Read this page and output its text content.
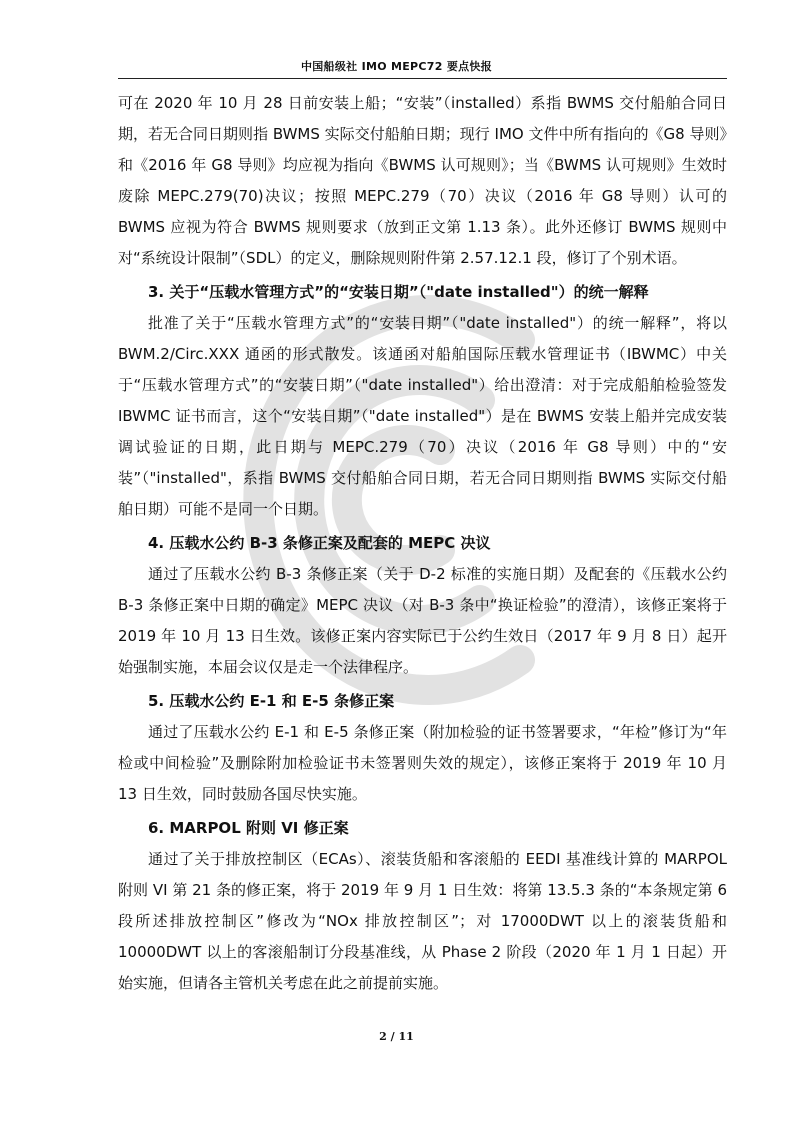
中国船级社 IMO MEPC72 要点快报

可在 2020 年 10 月 28 日前安装上船；“安装”（installed）系指 BWMS 交付船舶合同日期，若无合同日期则指 BWMS 实际交付船舶日期；现行 IMO 文件中所有指向的《G8 导则》和《2016 年 G8 导则》均应视为指向《BWMS 认可规则》；当《BWMS 认可规则》生效时废除 MEPC.279(70)决议；按照 MEPC.279（70）决议（2016 年 G8 导则）认可的 BWMS 应视为符合 BWMS 规则要求（放到正文第 1.13 条）。此外还修订 BWMS 规则中对“系统设计限制”（SDL）的定义，删除规则附件第 2.57.12.1 段，修订了个别术语。

3. 关于“压载水管理方式”的“安装日期”（"date installed"）的统一解释

批准了关于“压载水管理方式”的“安装日期”（"date installed"）的统一解释”，将以 BWM.2/Circ.XXX 通函的形式散发。该通函对船舶国际压载水管理证书（IBWMC）中关于“压载水管理方式”的“安装日期”（"date installed"）给出澄清：对于完成船舶检验签发 IBWMC 证书而言，这个“安装日期”（"date installed"）是在 BWMS 安装上船并完成安装调试验证的日期，此日期与 MEPC.279（70）决议（2016 年 G8 导则）中的“安装”（"installed"，系指 BWMS 交付船舶合同日期，若无合同日期则指 BWMS 实际交付船舶日期）可能不是同一个日期。

4. 压载水公约 B-3 条修正案及配套的 MEPC 决议

通过了压载水公约 B-3 条修正案（关于 D-2 标准的实施日期）及配套的《压载水公约 B-3 条修正案中日期的确定》MEPC 决议（对 B-3 条中“换证检验”的澄清），该修正案将于 2019 年 10 月 13 日生效。该修正案内容实际已于公约生效日（2017 年 9 月 8 日）起开始强制实施，本届会议仅是走一个法律程序。

5. 压载水公约 E-1 和 E-5 条修正案

通过了压载水公约 E-1 和 E-5 条修正案（附加检验的证书签署要求，“年检”修订为“年检或中间检验”及删除附加检验证书未签署则失效的规定），该修正案将于 2019 年 10 月 13 日生效，同时鼓励各国尽快实施。

6. MARPOL 附则 VI 修正案

通过了关于排放控制区（ECAs）、滚装货船和客滚船的 EEDI 基准线计算的 MARPOL 附则 VI 第 21 条的修正案，将于 2019 年 9 月 1 日生效：将第 13.5.3 条的“本条规定第 6 段所述排放控制区”修改为“NOx 排放控制区”；对 17000DWT 以上的滚装货船和 10000DWT 以上的客滚船制订分段基准线，从 Phase 2 阶段（2020 年 1 月 1 日起）开始实施，但请各主管机关考虑在此之前提前实施。

2 / 11
